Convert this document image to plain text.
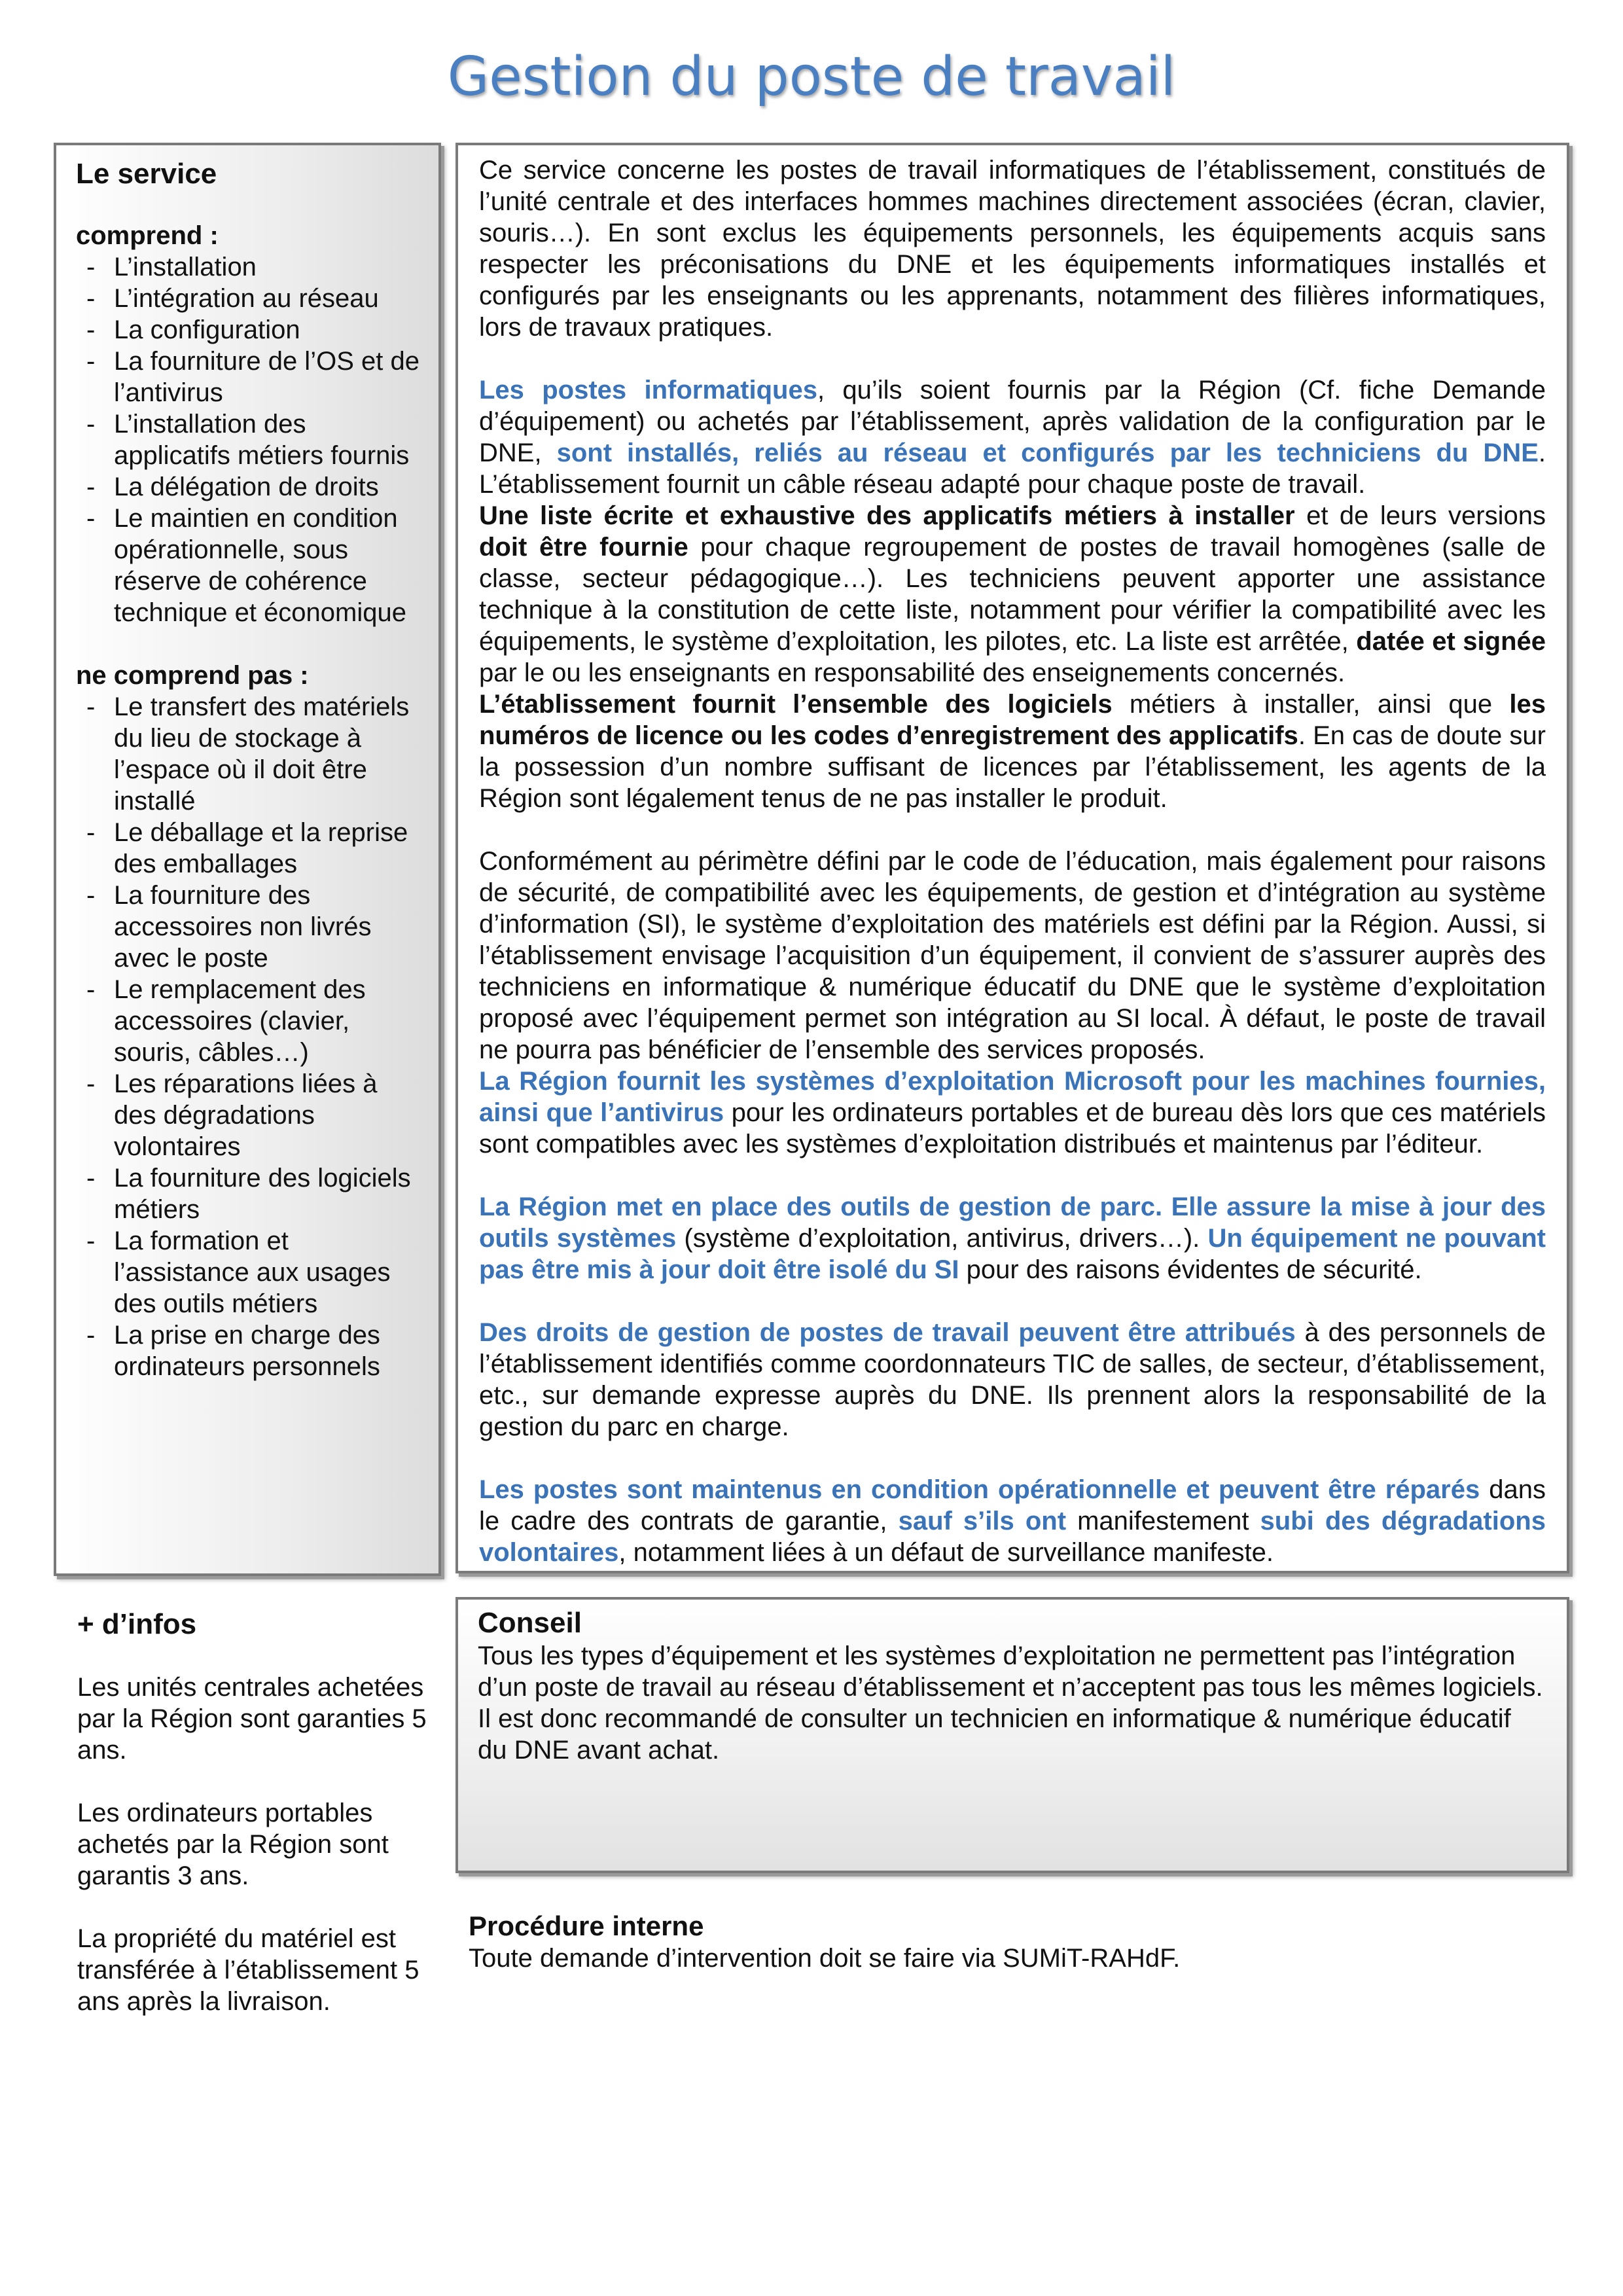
Gestion du poste de travail
Le service
comprend :
- L’installation
- L’intégration au réseau
- La configuration
- La fourniture de l’OS et de l’antivirus
- L’installation des applicatifs métiers fournis
- La délégation de droits
- Le maintien en condition opérationnelle, sous réserve de cohérence technique et économique
ne comprend pas :
- Le transfert des matériels du lieu de stockage à l’espace où il doit être installé
- Le déballage et la reprise des emballages
- La fourniture des accessoires non livrés avec le poste
- Le remplacement des accessoires (clavier, souris, câbles…)
- Les réparations liées à des dégradations volontaires
- La fourniture des logiciels métiers
- La formation et l’assistance aux usages des outils métiers
- La prise en charge des ordinateurs personnels

Ce service concerne les postes de travail informatiques de l’établissement, constitués de l’unité centrale et des interfaces hommes machines directement associées (écran, clavier, souris…). En sont exclus les équipements personnels, les équipements acquis sans respecter les préconisations du DNE et les équipements informatiques installés et configurés par les enseignants ou les apprenants, notamment des filières informatiques, lors de travaux pratiques.

Les postes informatiques, qu’ils soient fournis par la Région (Cf. fiche Demande d’équipement) ou achetés par l’établissement, après validation de la configuration par le DNE, sont installés, reliés au réseau et configurés par les techniciens du DNE. L’établissement fournit un câble réseau adapté pour chaque poste de travail.

Une liste écrite et exhaustive des applicatifs métiers à installer et de leurs versions doit être fournie pour chaque regroupement de postes de travail homogènes (salle de classe, secteur pédagogique…). Les techniciens peuvent apporter une assistance technique à la constitution de cette liste, notamment pour vérifier la compatibilité avec les équipements, le système d’exploitation, les pilotes, etc. La liste est arrêtée, datée et signée par le ou les enseignants en responsabilité des enseignements concernés.

L’établissement fournit l’ensemble des logiciels métiers à installer, ainsi que les numéros de licence ou les codes d’enregistrement des applicatifs. En cas de doute sur la possession d’un nombre suffisant de licences par l’établissement, les agents de la Région sont légalement tenus de ne pas installer le produit.

Conformément au périmètre défini par le code de l’éducation, mais également pour raisons de sécurité, de compatibilité avec les équipements, de gestion et d’intégration au système d’information (SI), le système d’exploitation des matériels est défini par la Région. Aussi, si l’établissement envisage l’acquisition d’un équipement, il convient de s’assurer auprès des techniciens en informatique & numérique éducatif du DNE que le système d’exploitation proposé avec l’équipement permet son intégration au SI local. À défaut, le poste de travail ne pourra pas bénéficier de l’ensemble des services proposés.

La Région fournit les systèmes d’exploitation Microsoft pour les machines fournies, ainsi que l’antivirus pour les ordinateurs portables et de bureau dès lors que ces matériels sont compatibles avec les systèmes d’exploitation distribués et maintenus par l’éditeur.

La Région met en place des outils de gestion de parc. Elle assure la mise à jour des outils systèmes (système d’exploitation, antivirus, drivers…). Un équipement ne pouvant pas être mis à jour doit être isolé du SI pour des raisons évidentes de sécurité.

Des droits de gestion de postes de travail peuvent être attribués à des personnels de l’établissement identifiés comme coordonnateurs TIC de salles, de secteur, d’établissement, etc., sur demande expresse auprès du DNE. Ils prennent alors la responsabilité de la gestion du parc en charge.

Les postes sont maintenus en condition opérationnelle et peuvent être réparés dans le cadre des contrats de garantie, sauf s’ils ont manifestement subi des dégradations volontaires, notamment liées à un défaut de surveillance manifeste.

+ d’infos

Les unités centrales achetées par la Région sont garanties 5 ans.

Les ordinateurs portables achetés par la Région sont garantis 3 ans.

La propriété du matériel est transférée à l’établissement 5 ans après la livraison.

Conseil

Tous les types d’équipement et les systèmes d’exploitation ne permettent pas l’intégration d’un poste de travail au réseau d’établissement et n’acceptent pas tous les mêmes logiciels. Il est donc recommandé de consulter un technicien en informatique & numérique éducatif du DNE avant achat.

Procédure interne

Toute demande d’intervention doit se faire via SUMiT-RAHdF.
